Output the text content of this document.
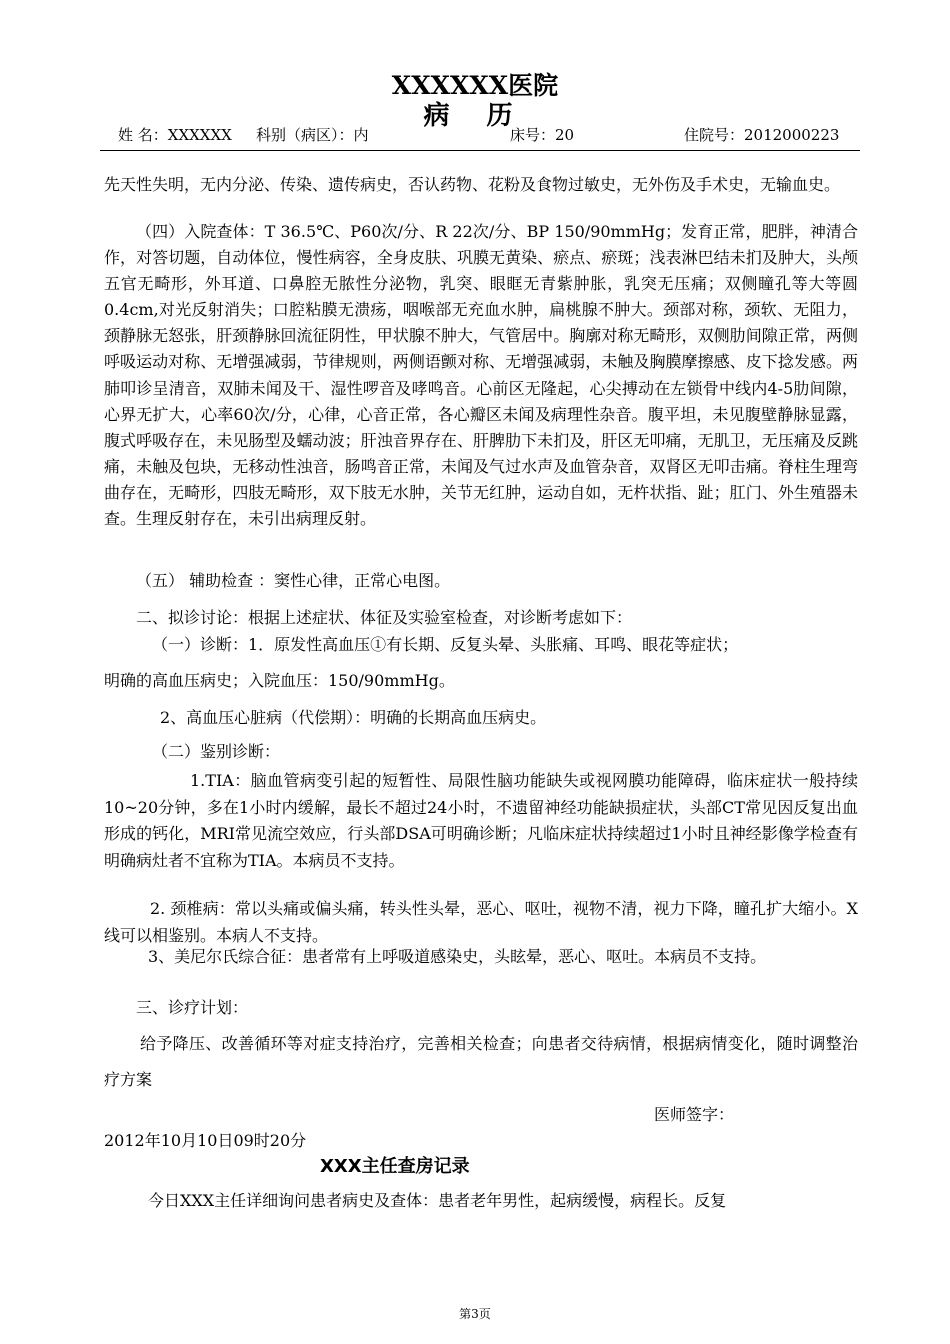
XXXXXX医院
病 历
姓 名：XXXXXX 科别（病区）：内	床号：20	住院号：2012000223

先天性失明，无内分泌、传染、遗传病史，否认药物、花粉及食物过敏史，无外伤及手术史，无输血史。

（四）入院查体：T 36.5℃、P60次/分、R 22次/分、BP 150/90mmHg；发育正常，肥胖，神清合作，对答切题，自动体位，慢性病容，全身皮肤、巩膜无黄染、瘀点、瘀斑；浅表淋巴结未扪及肿大，头颅五官无畸形，外耳道、口鼻腔无脓性分泌物，乳突、眼眶无青紫肿胀，乳突无压痛；双侧瞳孔等大等圆0.4cm,对光反射消失；口腔粘膜无溃疡，咽喉部无充血水肿，扁桃腺不肿大。颈部对称，颈软、无阻力，颈静脉无怒张，肝颈静脉回流征阴性，甲状腺不肿大，气管居中。胸廓对称无畸形，双侧肋间隙正常，两侧呼吸运动对称、无增强减弱，节律规则，两侧语颤对称、无增强减弱，未触及胸膜摩擦感、皮下捻发感。两肺叩诊呈清音，双肺未闻及干、湿性啰音及哮鸣音。心前区无隆起，心尖搏动在左锁骨中线内4-5肋间隙，心界无扩大，心率60次/分，心律，心音正常，各心瓣区未闻及病理性杂音。腹平坦，未见腹壁静脉显露，腹式呼吸存在，未见肠型及蠕动波；肝浊音界存在、肝脾肋下未扪及，肝区无叩痛，无肌卫，无压痛及反跳痛，未触及包块，无移动性浊音，肠鸣音正常，未闻及气过水声及血管杂音，双肾区无叩击痛。脊柱生理弯曲存在，无畸形，四肢无畸形，双下肢无水肿，关节无红肿，运动自如，无杵状指、趾；肛门、外生殖器未查。生理反射存在，未引出病理反射。

（五） 辅助检查 ：窦性心律，正常心电图。

二、拟诊讨论：根据上述症状、体征及实验室检查，对诊断考虑如下：

（一）诊断：1．原发性高血压①有长期、反复头晕、头胀痛、耳鸣、眼花等症状；

明确的高血压病史；入院血压：150/90mmHg。

2、高血压心脏病（代偿期）：明确的长期高血压病史。

（二）鉴别诊断：

1.TIA：脑血管病变引起的短暂性、局限性脑功能缺失或视网膜功能障碍，临床症状一般持续10~20分钟，多在1小时内缓解，最长不超过24小时，不遗留神经功能缺损症状，头部CT常见因反复出血形成的钙化，MRI常见流空效应，行头部DSA可明确诊断；凡临床症状持续超过1小时且神经影像学检查有明确病灶者不宜称为TIA。本病员不支持。

2. 颈椎病：常以头痛或偏头痛，转头性头晕，恶心、呕吐，视物不清，视力下降，瞳孔扩大缩小。X线可以相鉴别。本病人不支持。

3、美尼尔氏综合征：患者常有上呼吸道感染史，头眩晕，恶心、呕吐。本病员不支持。

三、诊疗计划：

给予降压、改善循环等对症支持治疗，完善相关检查；向患者交待病情，根据病情变化，随时调整治疗方案

医师签字：

2012年10月10日09时20分

XXX主任查房记录

今日XXX主任详细询问患者病史及查体：患者老年男性，起病缓慢，病程长。反复

第3页
